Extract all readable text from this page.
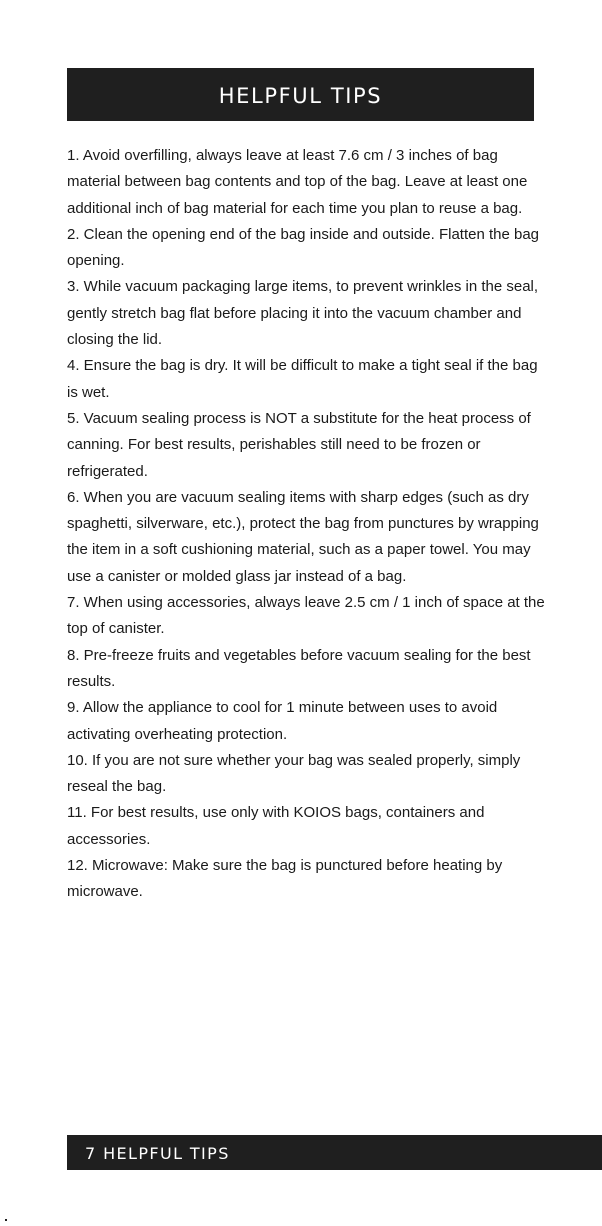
HELPFUL TIPS
1. Avoid overfilling, always leave at least 7.6 cm / 3 inches of bag material between bag contents and top of the bag. Leave at least one additional inch of bag material for each time you plan to reuse a bag.
2. Clean the opening end of the bag inside and outside. Flatten the bag opening.
3. While vacuum packaging large items, to prevent wrinkles in the seal, gently stretch bag flat before placing it into the vacuum chamber and closing the lid.
4. Ensure the bag is dry. It will be difficult to make a tight seal if the bag is wet.
5. Vacuum sealing process is NOT a substitute for the heat process of canning. For best results, perishables still need to be frozen or refrigerated.
6. When you are vacuum sealing items with sharp edges (such as dry spaghetti, silverware, etc.), protect the bag from punctures by wrapping the item in a soft cushioning material, such as a paper towel. You may use a canister or molded glass jar instead of a bag.
7. When using accessories, always leave 2.5 cm / 1 inch of space at the top of canister.
8. Pre-freeze fruits and vegetables before vacuum sealing for the best results.
9. Allow the appliance to cool for 1 minute between uses to avoid activating overheating protection.
10. If you are not sure whether your bag was sealed properly, simply reseal the bag.
11. For best results, use only with KOIOS bags, containers and accessories.
12. Microwave: Make sure the bag is punctured before heating by microwave.
7 HELPFUL TIPS
